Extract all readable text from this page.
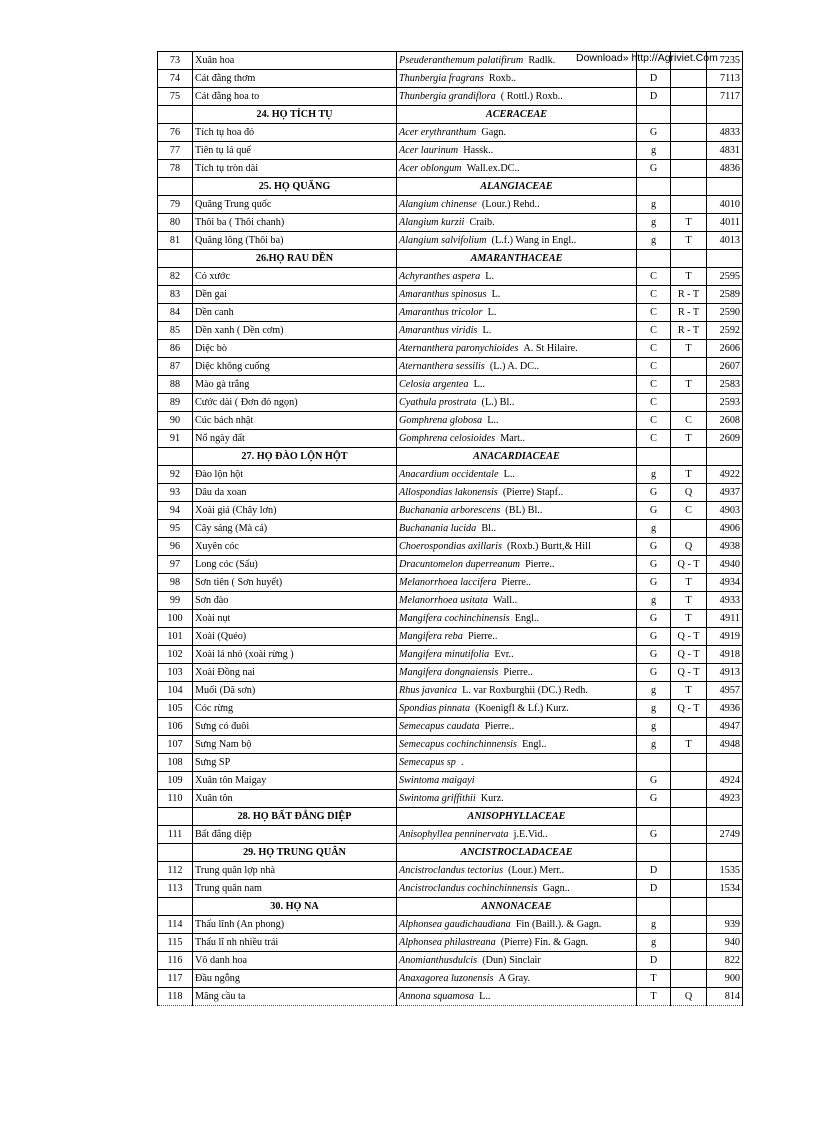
Download» http://Agriviet.Com
73	Xuân hoa	Pseuderanthemum palatifirum Radlk.			7235
74	Cát đằng thơm	Thunbergia fragrans Roxb..	D		7113
75	Cát đằng hoa to	Thunbergia grandiflora ( Rottl.) Roxb..	D		7117
	24. HỌ TÍCH TỤ	ACERACEAE			
76	Tích tụ hoa đỏ	Acer erythranthum Gagn.	G		4833
77	Tiên tụ lá quế	Acer laurinum Hassk..	g		4831
78	Tích tụ tròn dài	Acer oblongum Wall.ex.DC..	G		4836
	25. HỌ QUĂNG	ALANGIACEAE			
79	Quăng Trung quốc	Alangium chinense (Lour.) Rehd..	g		4010
80	Thôi ba ( Thôi chanh)	Alangium kurzii Craib.	g	T	4011
81	Quăng lông (Thôi ba)	Alangium salvifolium (L.f.) Wang in Engl..	g	T	4013
	26.HỌ RAU DỀN	AMARANTHACEAE			
82	Cỏ xước	Achyranthes aspera L.	C	T	2595
83	Dền gai	Amaranthus spinosus L.	C	R - T	2589
84	Dền canh	Amaranthus tricolor L.	C	R - T	2590
85	Dền xanh ( Dền cơm)	Amaranthus viridis L.	C	R - T	2592
86	Diệc bò	Aternanthera paronychioides A. St Hilaire.	C	T	2606
87	Diệc không cuống	Aternanthera sessilis (L.) A. DC..	C		2607
88	Mào gà trắng	Celosia argentea L..	C	T	2583
89	Cước dài ( Đơn đỏ ngọn)	Cyathula prostrata (L.) Bl..	C		2593
90	Cúc bách nhật	Gomphrena globosa L..	C	C	2608
91	Nổ ngày đất	Gomphrena celosioides Mart..	C	T	2609
	27. HỌ ĐÀO LỘN HỘT	ANACARDIACEAE			
92	Đào lộn hột	Anacardium occidentale L..	g	T	4922
93	Dâu da xoan	Allospondias lakonensis (Pierre) Stapf..	G	Q	4937
94	Xoài giả (Chây lơn)	Buchanania arborescens (BL) Bl..	G	C	4903
95	Cây sáng (Mà cá)	Buchanania lucida Bl..	g		4906
96	Xuyên cóc	Choerospondias axillaris (Roxb.) Burtt,& Hill	G	Q	4938
97	Long cóc (Sấu)	Dracuntomelon duperreanum Pierre..	G	Q - T	4940
98	Sơn tiên ( Sơn huyết)	Melanorrhoea laccifera Pierre..	G	T	4934
99	Sơn đào	Melanorrhoea usitata Wall..	g	T	4933
100	Xoài nụt	Mangifera cochinchinensis Engl..	G	T	4911
101	Xoài (Quéo)	Mangifera reba Pierre..	G	Q - T	4919
102	Xoài lá nhỏ (xoài rừng )	Mangifera minutifolia Evr..	G	Q - T	4918
103	Xoài Đồng nai	Mangifera dongnaiensis Pierre..	G	Q - T	4913
104	Muối (Dã sơn)	Rhus javanica L. var Roxburghii (DC.) Redh.	g	T	4957
105	Cóc rừng	Spondias pinnata (Koenigfl & Lf.) Kurz.	g	Q - T	4936
106	Sưng có đuôi	Semecapus caudata Pierre..	g		4947
107	Sưng Nam bộ	Semecapus cochinchinnensis Engl..	g	T	4948
108	Sưng SP	Semecapus sp .			
109	Xuân tôn Maigay	Swintoma maigayi	G		4924
110	Xuân tôn	Swintoma griffithii Kurz.	G		4923
	28. HỌ BẤT ĐẲNG DIỆP	ANISOPHYLLACEAE			
111	Bất đẳng diệp	Anisophyllea penninervata j.E.Vid..	G		2749
	29. HỌ TRUNG QUÂN	ANCISTROCLADACEAE			
112	Trung quân lợp nhà	Ancistroclandus tectorius (Lour.) Merr..	D		1535
113	Trung quân nam	Ancistroclandus cochinchinnensis Gagn..	D		1534
	30. HỌ NA	ANNONACEAE			
114	Thấu lĩnh (An phong)	Alphonsea gaudichaudiana Fin (Baill.). & Gagn.	g		939
115	Thấu lĩ nh nhiều trái	Alphonsea philastreana (Pierre) Fin. & Gagn.	g		940
116	Vô danh hoa	Anomianthusdulcis (Dun) Sinclair	D		822
117	Đầu ngỗng	Anaxagorea luzonensis A Gray.	T		900
118	Mãng cầu ta	Annona squamosa L..	T	Q	814
